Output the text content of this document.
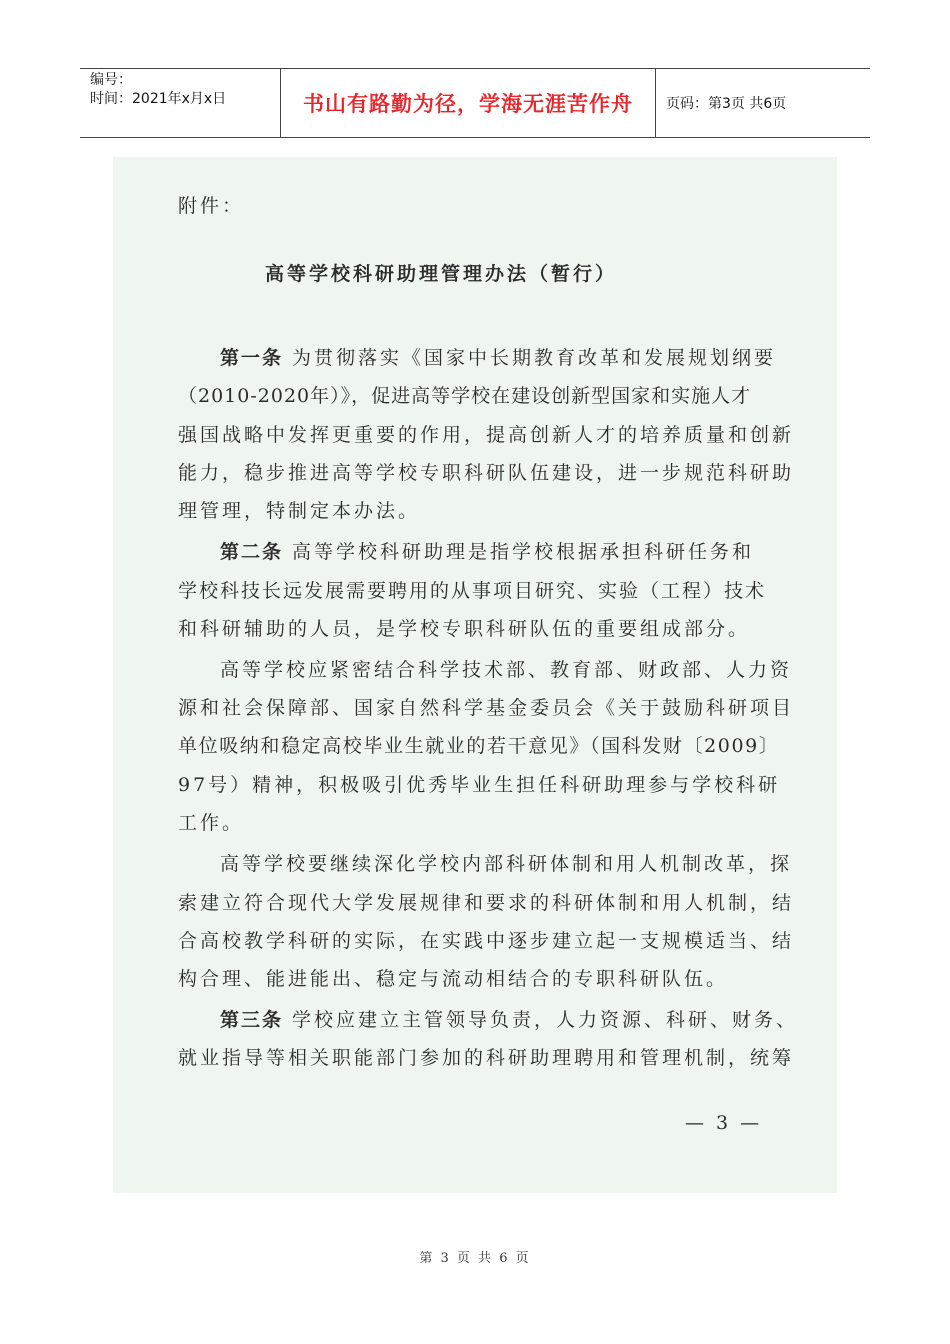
编号：
时间：2021年x月x日	书山有路勤为径，学海无涯苦作舟	页码：第3页 共6页
附件：
高等学校科研助理管理办法（暂行）
第一条 为贯彻落实《国家中长期教育改革和发展规划纲要
（2010-2020年）》，促进高等学校在建设创新型国家和实施人才
强国战略中发挥更重要的作用，提高创新人才的培养质量和创新
能力，稳步推进高等学校专职科研队伍建设，进一步规范科研助
理管理，特制定本办法。
第二条 高等学校科研助理是指学校根据承担科研任务和
学校科技长远发展需要聘用的从事项目研究、实验（工程）技术
和科研辅助的人员，是学校专职科研队伍的重要组成部分。
高等学校应紧密结合科学技术部、教育部、财政部、人力资
源和社会保障部、国家自然科学基金委员会《关于鼓励科研项目
单位吸纳和稳定高校毕业生就业的若干意见》（国科发财〔2009〕
97号）精神，积极吸引优秀毕业生担任科研助理参与学校科研
工作。
高等学校要继续深化学校内部科研体制和用人机制改革，探
索建立符合现代大学发展规律和要求的科研体制和用人机制，结
合高校教学科研的实际，在实践中逐步建立起一支规模适当、结
构合理、能进能出、稳定与流动相结合的专职科研队伍。
第三条 学校应建立主管领导负责，人力资源、科研、财务、
就业指导等相关职能部门参加的科研助理聘用和管理机制，统筹
— 3 —
第 3 页 共 6 页
